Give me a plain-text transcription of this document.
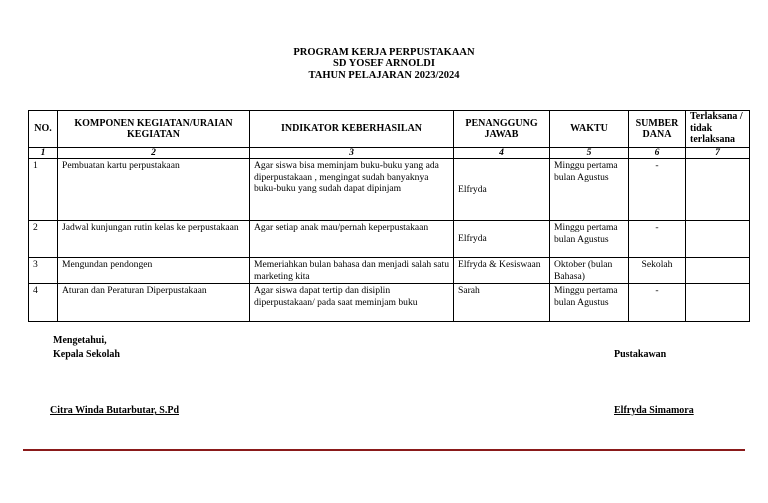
PROGRAM KERJA PERPUSTAKAAN
SD YOSEF ARNOLDI
TAHUN PELAJARAN 2023/2024
NO.	KOMPONEN KEGIATAN/URAIAN KEGIATAN	INDIKATOR KEBERHASILAN	PENANGGUNG JAWAB	WAKTU	SUMBER DANA	Terlaksana / tidak terlaksana
1	2	3	4	5	6	7
1	Pembuatan kartu perpustakaan	Agar siswa bisa meminjam buku-buku yang ada diperpustakaan , mengingat sudah banyaknya buku-buku yang sudah dapat dipinjam	Elfryda	Minggu pertama bulan Agustus	-	
2	Jadwal kunjungan rutin kelas ke perpustakaan	Agar setiap anak mau/pernah keperpustakaan	Elfryda	Minggu pertama bulan Agustus	-	
3	Mengundan pendongen	Memeriahkan bulan bahasa dan menjadi salah satu marketing kita	Elfryda & Kesiswaan	Oktober (bulan Bahasa)	Sekolah	
4	Aturan dan Peraturan Diperpustakaan	Agar siswa dapat tertip dan disiplin diperpustakaan/ pada saat meminjam buku	Sarah	Minggu pertama bulan Agustus	-	
Mengetahui,
Kepala Sekolah
Citra Winda Butarbutar, S.Pd
Pustakawan
Elfryda Simamora
